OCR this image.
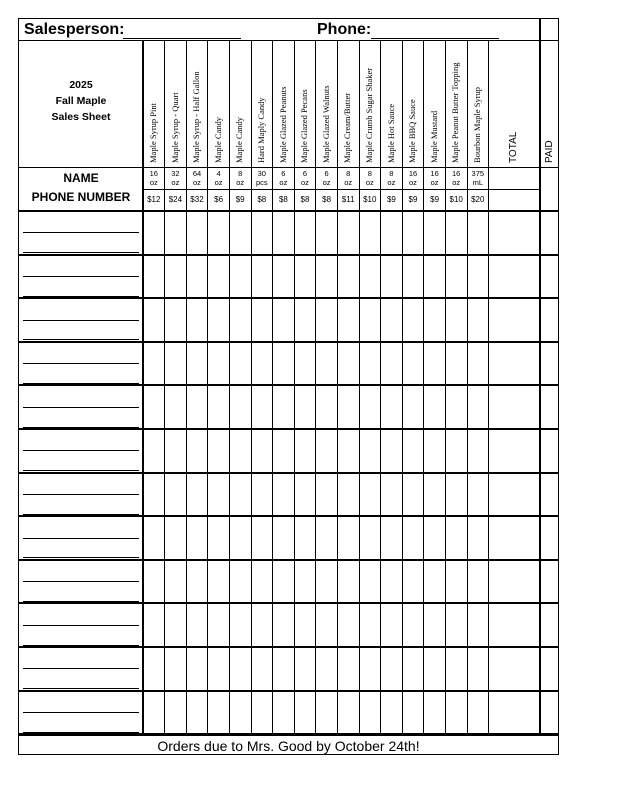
Salesperson:	Phone:
2025
Fall Maple
Sales Sheet
NAME
PHONE NUMBER
Maple Syrup Pint
16
oz
$12
Maple Syrup - Quart
32
oz
$24
Maple Syrup - Half Gallon
64
oz
$32
Maple Candy
4
oz
$6
Maple Candy
8
oz
$9
Hard Maply Candy
30
pcs
$8
Maple Glazed Peanuts
6
oz
$8
Maple Glazed Pecans
6
oz
$8
Maple Glazed Walnuts
6
oz
$8
Maple Cream/Butter
8
oz
$11
Maple Crumb Sugar Shaker
8
oz
$10
Maple Hot Sauce
8
oz
$9
Maple BBQ Sauce
16
oz
$9
Maple Mustard
16
oz
$9
Maple Peanut Butter Topping
16
oz
$10
Bourbon Maple Syrup
375
mL
$20
TOTAL	PAID
Orders due to Mrs. Good by October 24th!
